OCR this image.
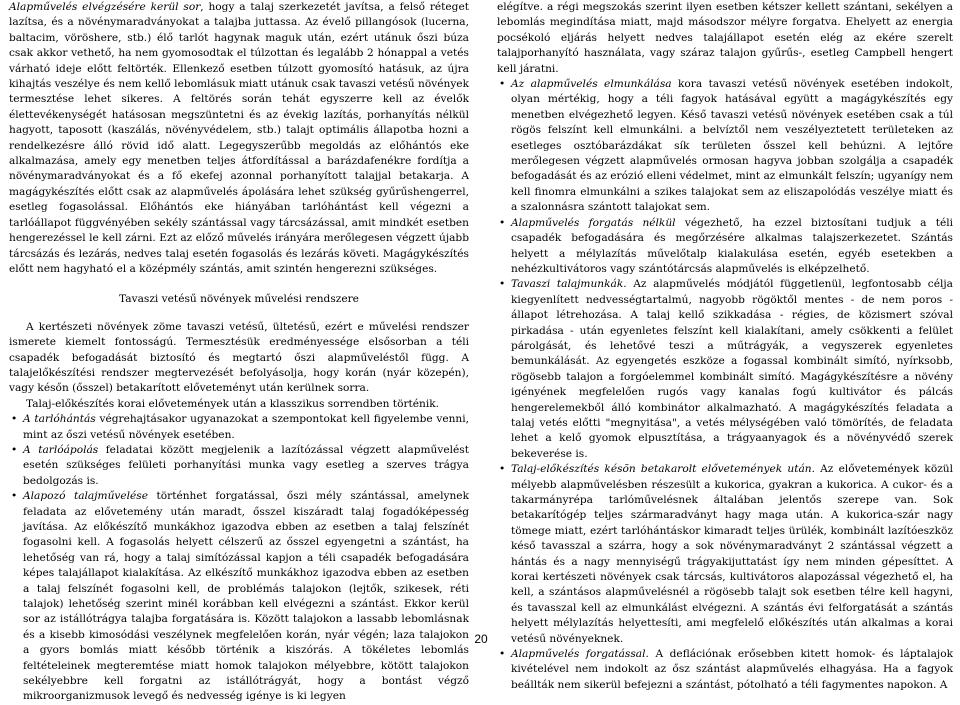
Alapművelés elvégzésére kerül sor, hogy a talaj szerkezetét javítsa, a felső réteget lazítsa, és a növénymaradványokat a talajba juttassa. Az évelő pillangósok (lucerna, baltacim, vöröshere, stb.) élő tarlót hagynak maguk után, ezért utánuk őszi búza csak akkor vethető, ha nem gyomosodtak el túlzottan és legalább 2 hónappal a vetés várható ideje előtt feltörték. Ellenkező esetben túlzott gyomosító hatásuk, az újra kihajtás veszélye és nem kellő lebomlásuk miatt utánuk csak tavaszi vetésű növények termesztése lehet sikeres. A feltörés során tehát egyszerre kell az évelők élettevékenységét hatásosan megszüntetni és az évekig lazítás, porhanyítás nélkül hagyott, taposott (kaszálás, növényvédelem, stb.) talajt optimális állapotba hozni a rendelkezésre álló rövid idő alatt. Legegyszerűbb megoldás az előhántós eke alkalmazása, amely egy menetben teljes átfordítással a barázdafenékre fordítja a növénymaradványokat és a fő ekefej azonnal porhanyított talajjal betakarja. A magágykészítés előtt csak az alapművelés ápolására lehet szükség gyűrűshengerrel, esetleg fogasolással. Előhántós eke hiányában tarlóhántást kell végezni a tarlóállapot függvényében sekély szántással vagy tárcsázással, amit mindkét esetben hengerezéssel le kell zárni. Ezt az előző művelés irányára merőlegesen végzett újabb tárcsázás és lezárás, nedves talaj esetén fogasolás és lezárás követi. Magágykészítés előtt nem hagyható el a középmély szántás, amit szintén hengerezni szükséges.

Tavaszi vetésű növények művelési rendszere

A kertészeti növények zöme tavaszi vetésű, ültetésű, ezért e művelési rendszer ismerete kiemelt fontosságú. Termesztésük eredményessége elsősorban a téli csapadék befogadását biztosító és megtartó őszi alapműveléstől függ. A talajelőkészítési rendszer megtervezését befolyásolja, hogy korán (nyár közepén), vagy későn (ősszel) betakarított előveteményt után kerülnek sorra.

Talaj-előkészítés korai elővetemények után a klasszikus sorrendben történik.

• A tarlóhántás végrehajtásakor ugyanazokat a szempontokat kell figyelembe venni, mint az őszi vetésű növények esetében.
• A tarlóápolás feladatai között megjelenik a lazítózással végzett alapművelést esetén szükséges felületi porhanyítási munka vagy esetleg a szerves trágya bedolgozás is.
• Alapozó talajművelése történhet forgatással, őszi mély szántással, amelynek feladata az elővetemény után maradt, ősszel kiszáradt talaj fogadóképesség javítása. Az előkészítő munkákhoz igazodva ebben az esetben a talaj felszínét fogasolni kell. A fogasolás helyett célszerű az ősszel egyengetni a szántást, ha lehetőség van rá, hogy a talaj simítózással kapjon a téli csapadék befogadására képes talajállapot kialakítása. Az elkészítő munkákhoz igazodva ebben az esetben a talaj felszínét fogasolni kell, de problémás talajokon (lejtők, szikesek, réti talajok) lehetőség szerint minél korábban kell elvégezni a szántást. Ekkor kerül sor az istállótrágya talajba forgatására is. Között talajokon a lassabb lebomlásnak és a kisebb kimosódási veszélynek megfelelően korán, nyár végén; laza talajokon a gyors bomlás miatt később történik a kiszórás. A tökéletes lebomlás feltételeinek megteremtése miatt homok talajokon mélyebbre, kötött talajokon sekélyebbre kell forgatni az istállótrágyát, hogy a bontást végző mikroorganizmusok levegő és nedvesség igénye is ki legyen

elégítve. a régi megszokás szerint ilyen esetben kétszer kellett szántani, sekélyen a lebomlás megindítása miatt, majd másodszor mélyre forgatva. Ehelyett az energia pocsékoló eljárás helyett nedves talajállapot esetén elég az ekére szerelt talajporhanyító használata, vagy száraz talajon gyűrűs-, esetleg Campbell hengert kell járatni.

• Az alapművelés elmunkálása kora tavaszi vetésű növények esetében indokolt, olyan mértékig, hogy a téli fagyok hatásával együtt a magágykészítés egy menetben elvégezhető legyen. Késő tavaszi vetésű növények esetében csak a túl rögös felszínt kell elmunkálni. a belvíztől nem veszélyeztetett területeken az esetleges osztóbarázdákat sík területen ősszel kell behúzni. A lejtőre merőlegesen végzett alapművelés ormosan hagyva jobban szolgálja a csapadék befogadását és az erózió elleni védelmet, mint az elmunkált felszín; ugyanígy nem kell finomra elmunkálni a szikes talajokat sem az eliszapolódás veszélye miatt és a szalonnásra szántott talajokat sem.
• Alapművelés forgatás nélkül végezhető, ha ezzel biztosítani tudjuk a téli csapadék befogadására és megőrzésére alkalmas talajszerkezetet. Szántás helyett a mélylazítás művelőtalp kialakulása esetén, egyéb esetekben a nehézkultivátoros vagy szántótárcsás alapművelés is elképzelhető.
• Tavaszi talajmunkák. Az alapművelés módjától függetlenül, legfontosabb célja kiegyenlített nedvességtartalmú, nagyobb rögöktől mentes - de nem poros - állapot létrehozása. A talaj kellő szikkadása - régies, de közismert szóval pirkadása - után egyenletes felszínt kell kialakítani, amely csökkenti a felület párolgását, és lehetővé teszi a műtrágyák, a vegyszerek egyenletes bemunkálását. Az egyengetés eszköze a fogassal kombinált simító, nyírksobb, rögösebb talajon a forgóelemmel kombinált simító. Magágykészítésre a növény igényének megfelelően rugós vagy kanalas fogú kultivátor és pálcás hengerelemekből álló kombinátor alkalmazható. A magágykészítés feladata a talaj vetés előtti "megnyitása", a vetés mélységében való tömörítés, de feladata lehet a kelő gyomok elpusztítása, a trágyaanyagok és a növényvédő szerek bekeverése is.
• Talaj-előkészítés késõn betakarolt elővetemények után. Az elővetemények közül mélyebb alapművelésben részesült a kukorica, gyakran a kukorica. A cukor- és a takarmányrépa tarlóművelésnek általában jelentős szerepe van. Sok betakarítógép teljes szármaradványt hagy maga után. A kukorica-szár nagy tömege miatt, ezért tarlóhántáskor kimaradt teljes ürülék, kombinált lazítóeszköz késő tavasszal a szárra, hogy a sok növénymaradványt 2 szántással végzett a hántás és a nagy mennyiségű trágyakijuttatást így nem minden gépesíttet. A korai kertészeti növények csak tárcsás, kultivátoros alapozással végezhető el, ha kell, a szántásos alapművelésnél a rögösebb talajt sok esetben télre kell hagyni, és tavasszal kell az elmunkálást elvégezni. A szántás évi felforgatását a szántás helyett mélylazítás helyettesíti, ami megfelelő előkészítés után alkalmas a korai vetésű növényeknek.
• Alapművelés forgatással. A deflációnak erősebben kitett homok- és láptalajok kivételével nem indokolt az ősz szántást alapművelés elhagyása. Ha a fagyok beállták nem sikerül befejezni a szántást, pótolható a téli fagymentes napokon. A
20
